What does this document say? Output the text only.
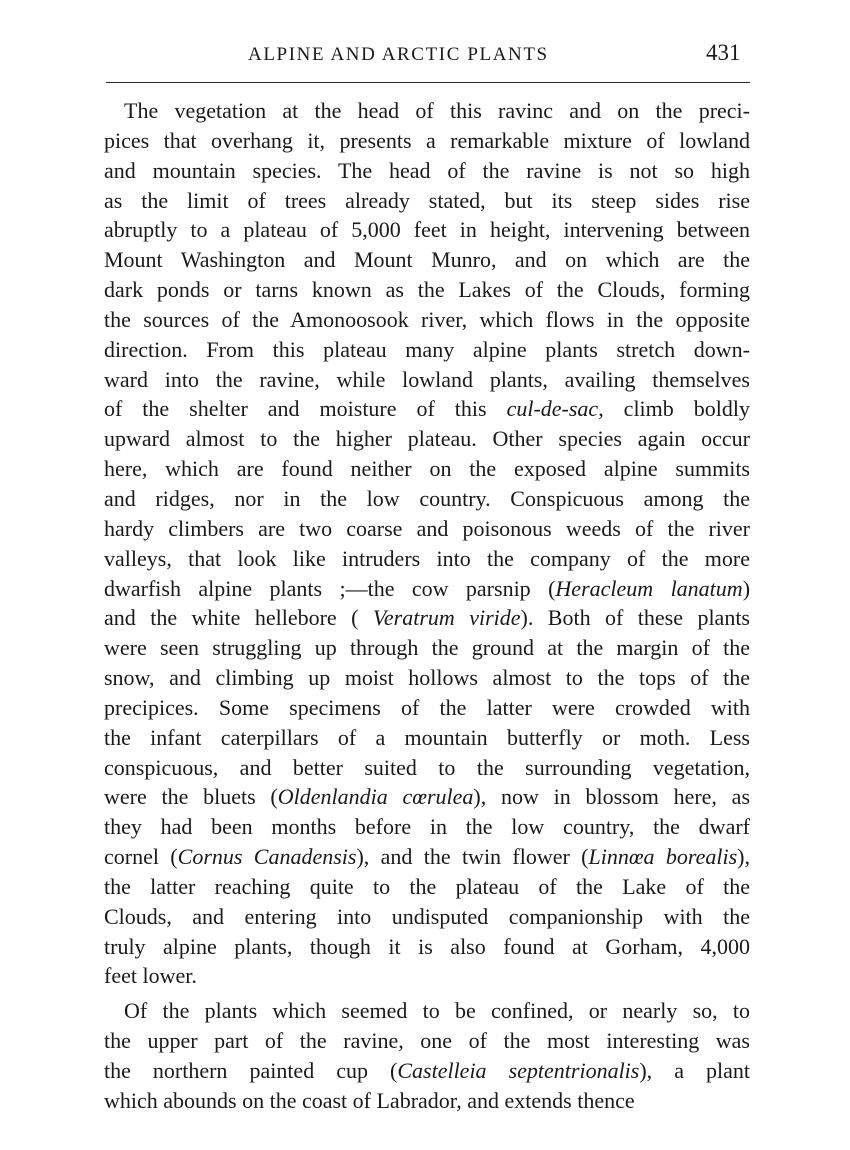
ALPINE AND ARCTIC PLANTS	431
The vegetation at the head of this ravinc and on the preci-
pices that overhang it, presents a remarkable mixture of lowland
and mountain species. The head of the ravine is not so high
as the limit of trees already stated, but its steep sides rise
abruptly to a plateau of 5,000 feet in height, intervening between
Mount Washington and Mount Munro, and on which are the
dark ponds or tarns known as the Lakes of the Clouds, forming
the sources of the Amonoosook river, which flows in the opposite
direction. From this plateau many alpine plants stretch down-
ward into the ravine, while lowland plants, availing themselves
of the shelter and moisture of this cul-de-sac, climb boldly
upward almost to the higher plateau. Other species again occur
here, which are found neither on the exposed alpine summits
and ridges, nor in the low country. Conspicuous among the
hardy climbers are two coarse and poisonous weeds of the river
valleys, that look like intruders into the company of the more
dwarfish alpine plants ;—the cow parsnip (Heracleum lanatum)
and the white hellebore ( Veratrum viride). Both of these plants
were seen struggling up through the ground at the margin of the
snow, and climbing up moist hollows almost to the tops of the
precipices. Some specimens of the latter were crowded with
the infant caterpillars of a mountain butterfly or moth. Less
conspicuous, and better suited to the surrounding vegetation,
were the bluets (Oldenlandia cœrulea), now in blossom here, as
they had been months before in the low country, the dwarf
cornel (Cornus Canadensis), and the twin flower (Linnœa borealis),
the latter reaching quite to the plateau of the Lake of the
Clouds, and entering into undisputed companionship with the
truly alpine plants, though it is also found at Gorham, 4,000
feet lower.
Of the plants which seemed to be confined, or nearly so, to
the upper part of the ravine, one of the most interesting was
the northern painted cup (Castelleia septentrionalis), a plant
which abounds on the coast of Labrador, and extends thence
